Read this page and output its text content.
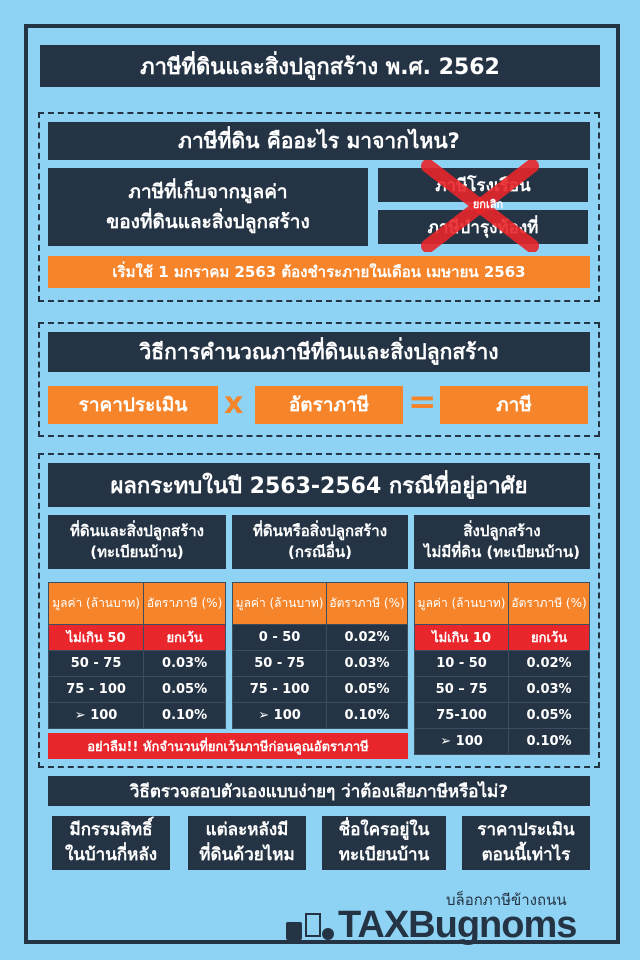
ภาษีที่ดินและสิ่งปลูกสร้าง พ.ศ. 2562
ภาษีที่ดิน คืออะไร มาจากไหน?
ภาษีที่เก็บจากมูลค่า
ของที่ดินและสิ่งปลูกสร้าง
ภาษีโรงเรือน
ภาษีบำรุงท้องที่
ยกเลิก
เริ่มใช้ 1 มกราคม 2563 ต้องชำระภายในเดือน เมษายน 2563
วิธีการคำนวณภาษีที่ดินและสิ่งปลูกสร้าง
ราคาประเมิน	x	อัตราภาษี	=	ภาษี
ผลกระทบในปี 2563-2564 กรณีที่อยู่อาศัย
ที่ดินและสิ่งปลูกสร้าง
(ทะเบียนบ้าน)
ที่ดินหรือสิ่งปลูกสร้าง
(กรณีอื่น)
สิ่งปลูกสร้าง
ไม่มีที่ดิน (ทะเบียนบ้าน)
มูลค่า (ล้านบาท)	อัตราภาษี (%)
ไม่เกิน 50	ยกเว้น
50 - 75	0.03%
75 - 100	0.05%
➢ 100	0.10%
มูลค่า (ล้านบาท)	อัตราภาษี (%)
0 - 50	0.02%
50 - 75	0.03%
75 - 100	0.05%
➢ 100	0.10%
มูลค่า (ล้านบาท)	อัตราภาษี (%)
ไม่เกิน 10	ยกเว้น
10 - 50	0.02%
50 – 75	0.03%
75-100	0.05%
➢ 100	0.10%
อย่าลืม!! หักจำนวนที่ยกเว้นภาษีก่อนคูณอัตราภาษี
วิธีตรวจสอบตัวเองแบบง่ายๆ ว่าต้องเสียภาษีหรือไม่?
มีกรรมสิทธิ์
ในบ้านกี่หลัง
แต่ละหลังมี
ที่ดินด้วยไหม
ชื่อใครอยู่ใน
ทะเบียนบ้าน
ราคาประเมิน
ตอนนี้เท่าไร
บล็อกภาษีข้างถนน
TAXBugnoms
